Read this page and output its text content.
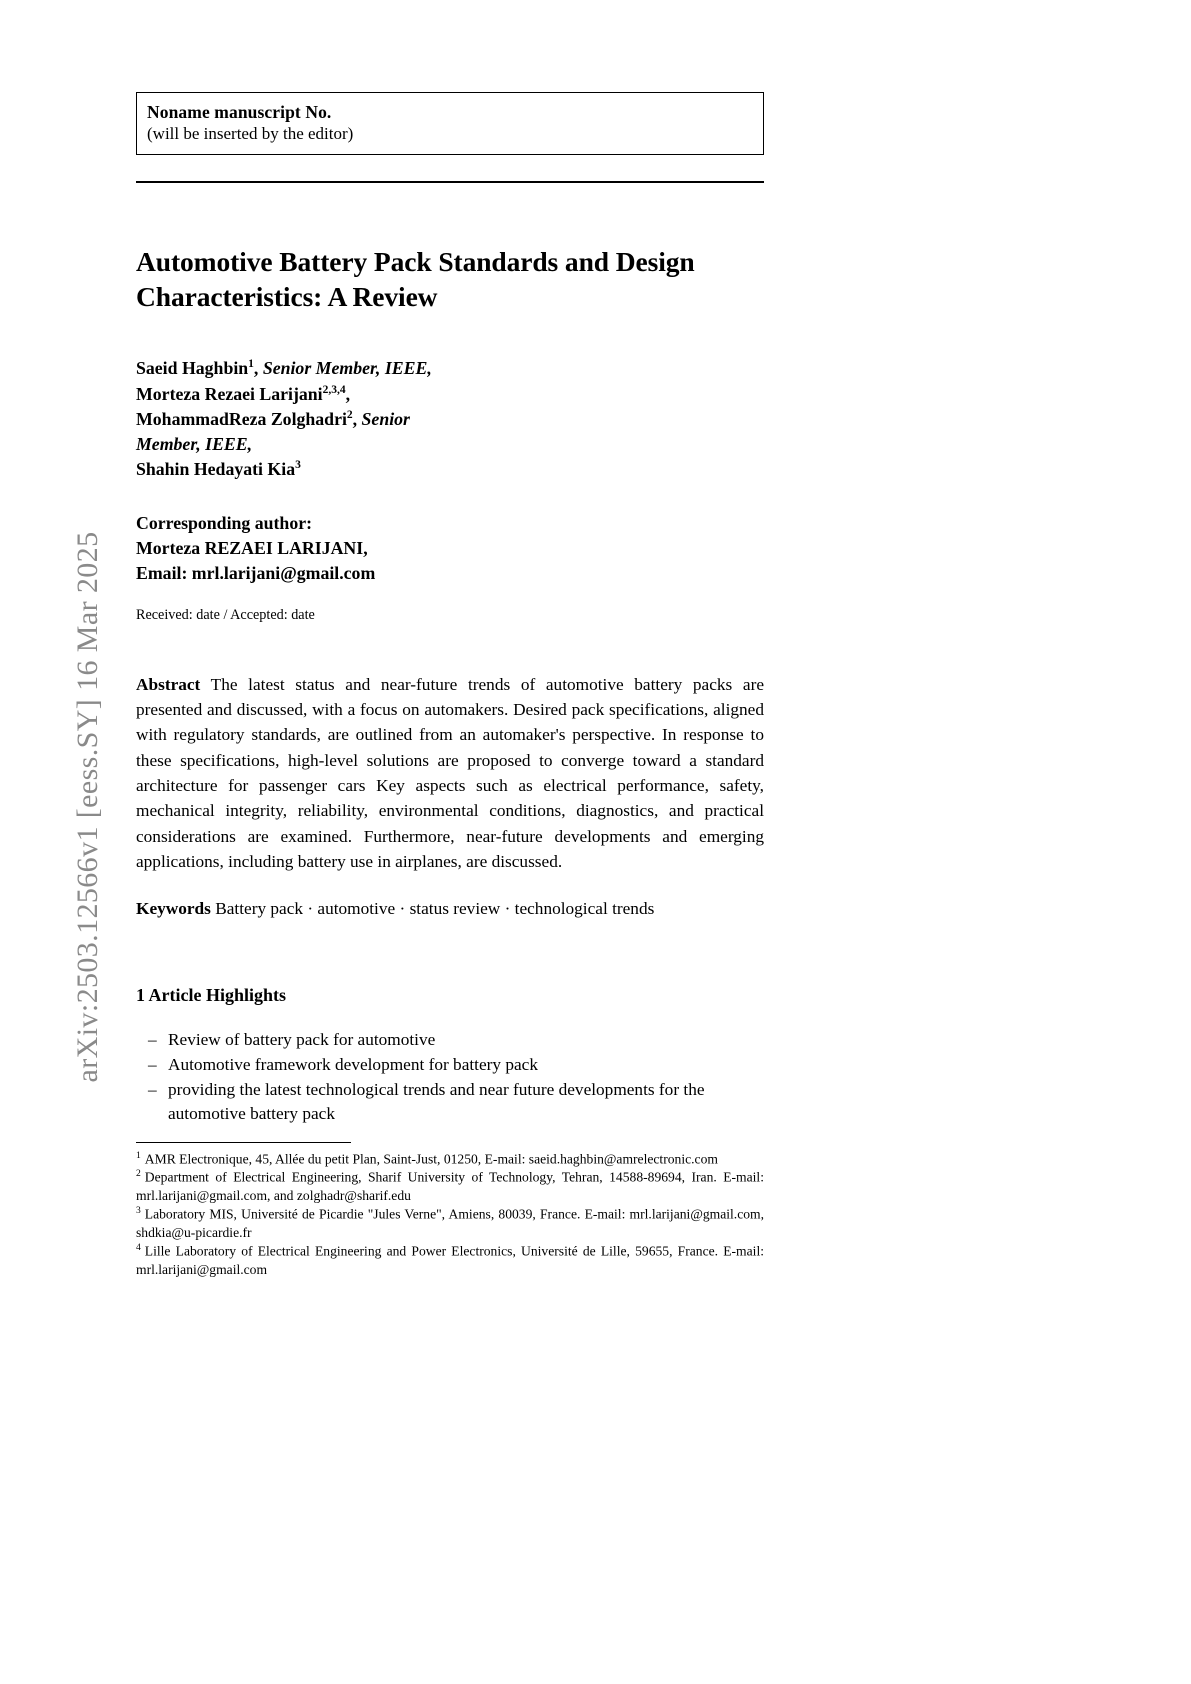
arXiv:2503.12566v1 [eess.SY] 16 Mar 2025
Noname manuscript No.
(will be inserted by the editor)
Automotive Battery Pack Standards and Design Characteristics: A Review
Saeid Haghbin$^1$, Senior Member, IEEE,
Morteza Rezaei Larijani$^{2,3,4}$,
MohammadReza Zolghadri$^2$, Senior
Member, IEEE,
Shahin Hedayati Kia$^3$
Corresponding author:
Morteza REZAEI LARIJANI,
Email: mrl.larijani@gmail.com
Received: date / Accepted: date
Abstract The latest status and near-future trends of automotive battery packs are presented and discussed, with a focus on automakers. Desired pack specifications, aligned with regulatory standards, are outlined from an automaker's perspective. In response to these specifications, high-level solutions are proposed to converge toward a standard architecture for passenger cars Key aspects such as electrical performance, safety, mechanical integrity, reliability, environmental conditions, diagnostics, and practical considerations are examined. Furthermore, near-future developments and emerging applications, including battery use in airplanes, are discussed.
Keywords Battery pack · automotive · status review · technological trends
1 Article Highlights
– Review of battery pack for automotive
– Automotive framework development for battery pack
– providing the latest technological trends and near future developments for the automotive battery pack
$^1$ AMR Electronique, 45, Allée du petit Plan, Saint-Just, 01250, E-mail: saeid.haghbin@amrelectronic.com
$^2$ Department of Electrical Engineering, Sharif University of Technology, Tehran, 14588-89694, Iran. E-mail: mrl.larijani@gmail.com, and zolghadr@sharif.edu
$^3$ Laboratory MIS, Université de Picardie "Jules Verne", Amiens, 80039, France. E-mail: mrl.larijani@gmail.com, shdkia@u-picardie.fr
$^4$ Lille Laboratory of Electrical Engineering and Power Electronics, Université de Lille, 59655, France. E-mail: mrl.larijani@gmail.com
